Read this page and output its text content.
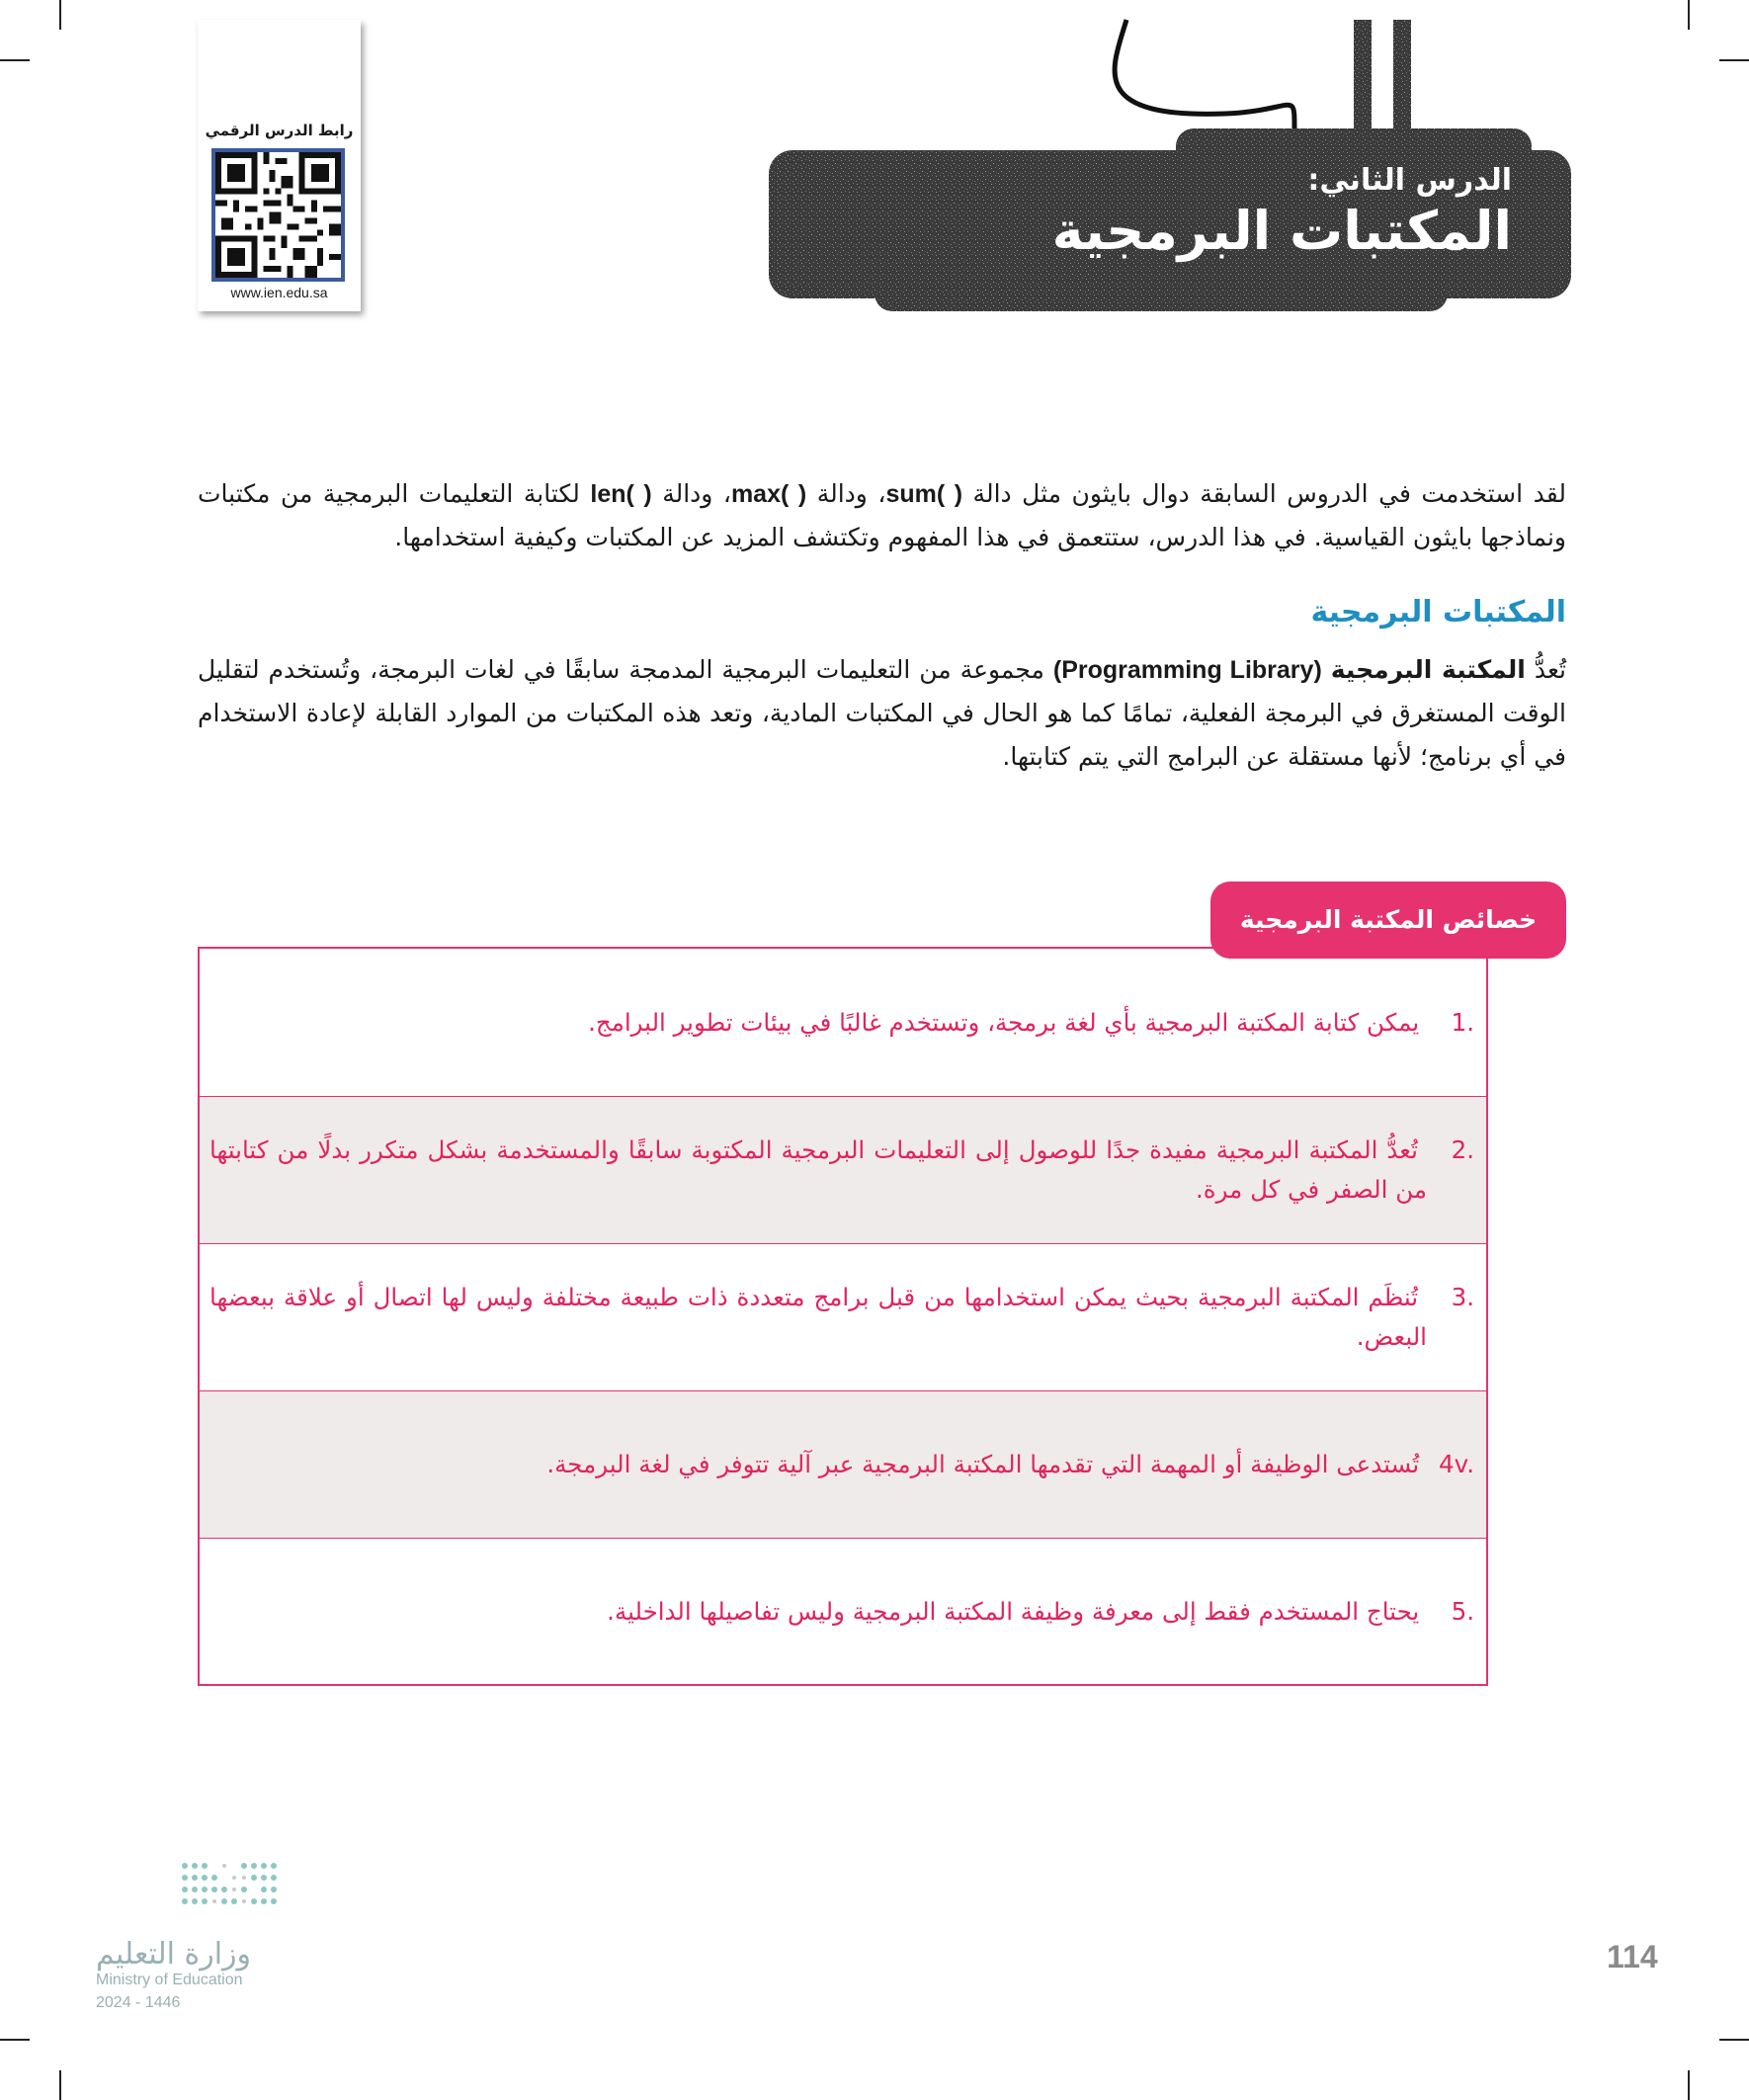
رابط الدرس الرقمي
www.ien.edu.sa
الدرس الثاني:
المكتبات البرمجية

لقد استخدمت في الدروس السابقة دوال بايثون مثل دالة ( )sum، ودالة ( )max، ودالة ( )len لكتابة التعليمات البرمجية من مكتبات ونماذجها بايثون القياسية. في هذا الدرس، ستتعمق في هذا المفهوم وتكتشف المزيد عن المكتبات وكيفية استخدامها.

المكتبات البرمجية

تُعدُّ المكتبة البرمجية (Programming Library) مجموعة من التعليمات البرمجية المدمجة سابقًا في لغات البرمجة، وتُستخدم لتقليل الوقت المستغرق في البرمجة الفعلية، تمامًا كما هو الحال في المكتبات المادية، وتعد هذه المكتبات من الموارد القابلة لإعادة الاستخدام في أي برنامج؛ لأنها مستقلة عن البرامج التي يتم كتابتها.

خصائص المكتبة البرمجية

1. يمكن كتابة المكتبة البرمجية بأي لغة برمجة، وتستخدم غالبًا في بيئات تطوير البرامج.

2. تُعدُّ المكتبة البرمجية مفيدة جدًا للوصول إلى التعليمات البرمجية المكتوبة سابقًا والمستخدمة بشكل متكرر بدلًا من كتابتها من الصفر في كل مرة.

3. تُنظَم المكتبة البرمجية بحيث يمكن استخدامها من قبل برامج متعددة ذات طبيعة مختلفة وليس لها اتصال أو علاقة ببعضها البعض.

4v. تُستدعى الوظيفة أو المهمة التي تقدمها المكتبة البرمجية عبر آلية تتوفر في لغة البرمجة.

5. يحتاج المستخدم فقط إلى معرفة وظيفة المكتبة البرمجية وليس تفاصيلها الداخلية.

وزارة التعليم
Ministry of Education
2024 - 1446
114
